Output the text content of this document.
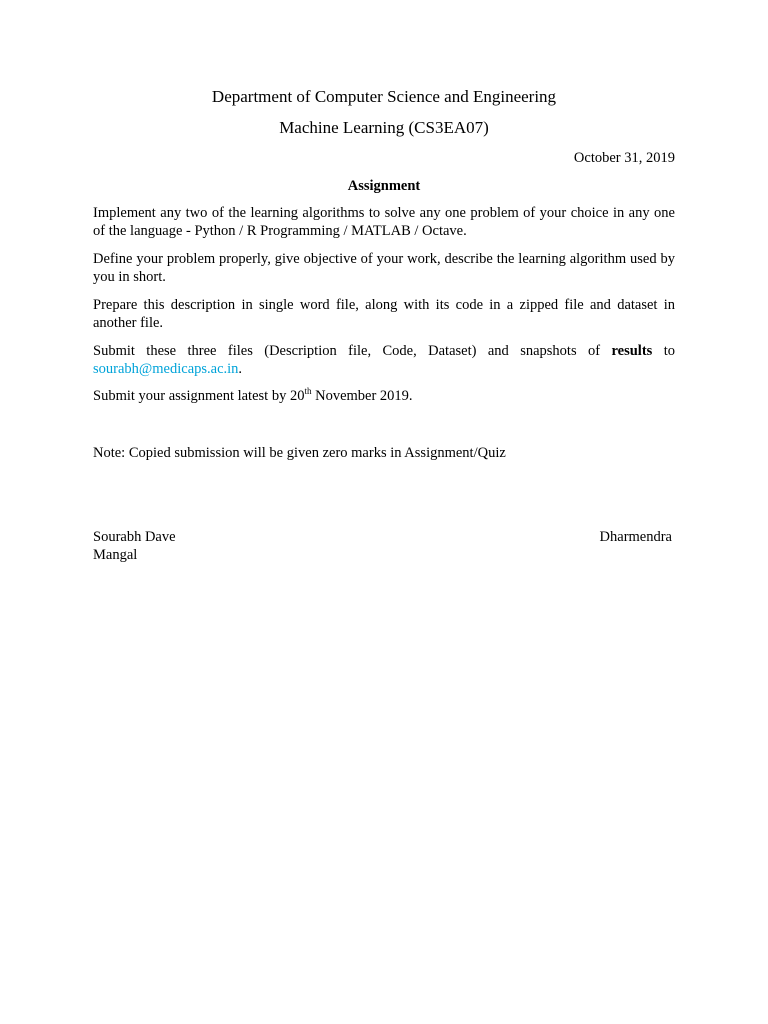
Department of Computer Science and Engineering

Machine Learning (CS3EA07)

October 31, 2019

Assignment

Implement any two of the learning algorithms to solve any one problem of your choice in any one of the language - Python / R Programming / MATLAB / Octave.

Define your problem properly, give objective of your work, describe the learning algorithm used by you in short.

Prepare this description in single word file, along with its code in a zipped file and dataset in another file.

Submit these three files (Description file, Code, Dataset) and snapshots of results to sourabh@medicaps.ac.in.

Submit your assignment latest by 20th November 2019.

Note: Copied submission will be given zero marks in Assignment/Quiz

Sourabh Dave	Dharmendra

Mangal
